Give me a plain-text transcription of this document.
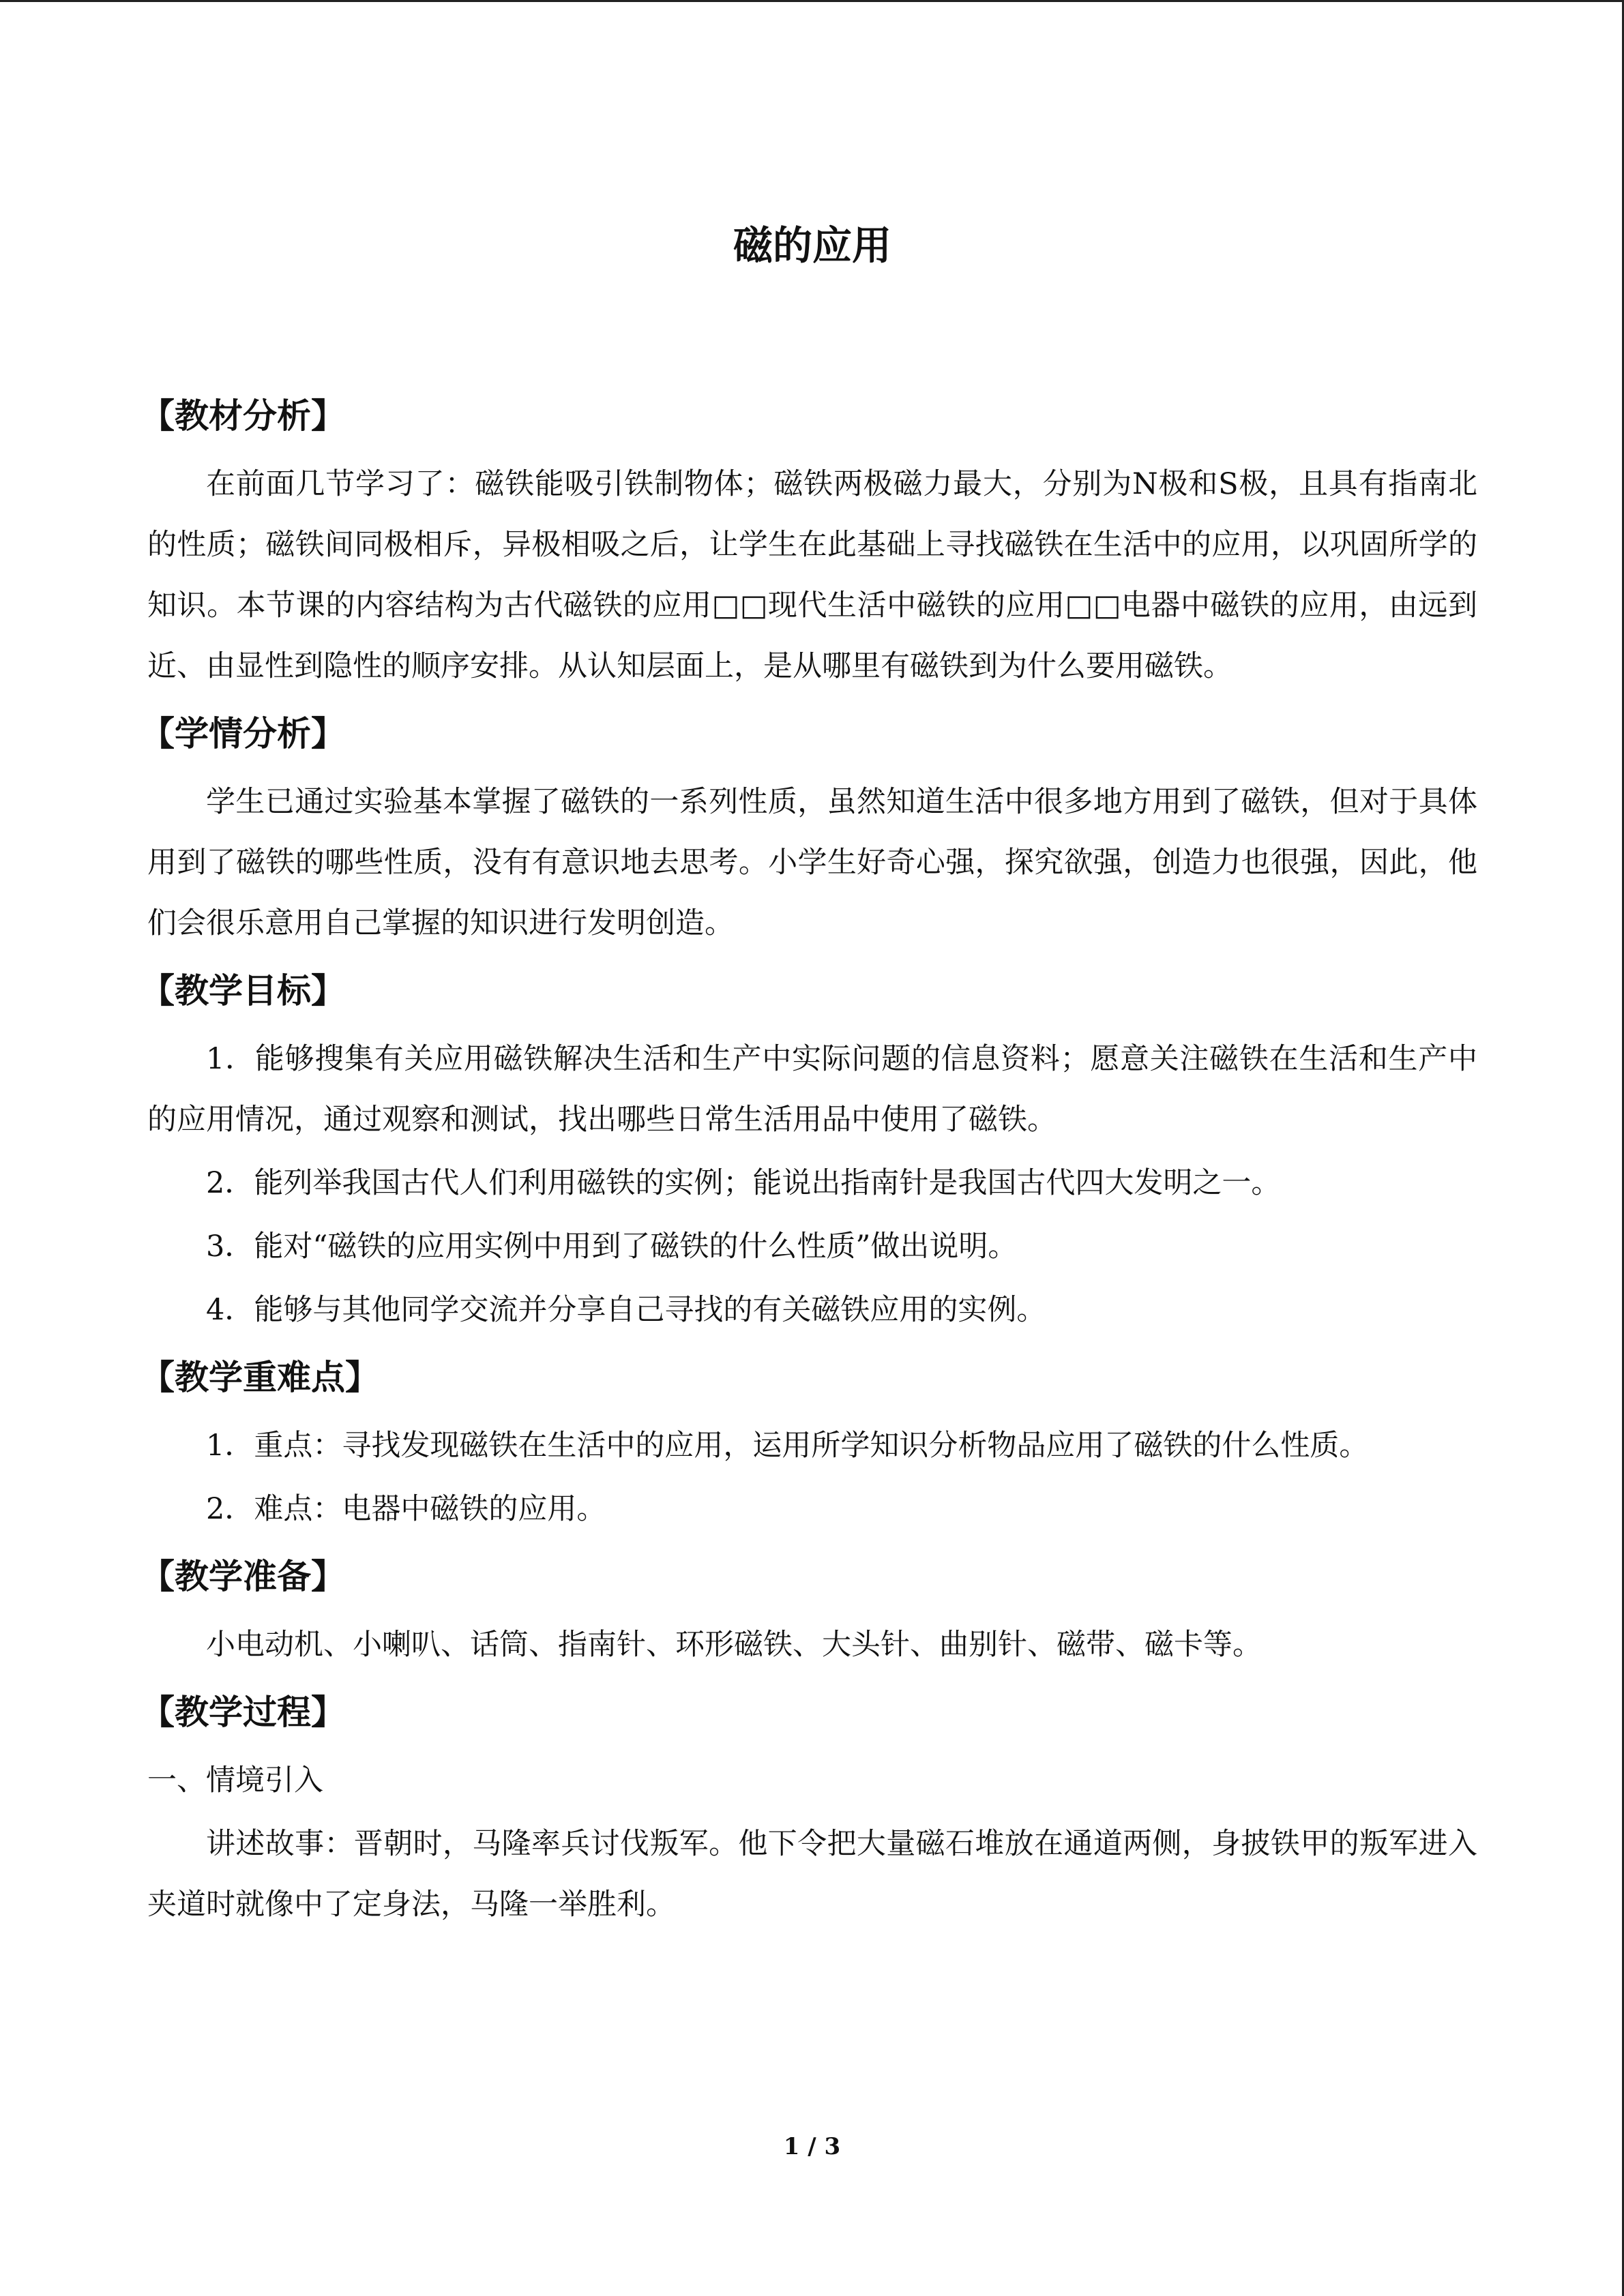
磁的应用
【教材分析】

在前面几节学习了：磁铁能吸引铁制物体；磁铁两极磁力最大，分别为N极和S极，且具有指南北的性质；磁铁间同极相斥，异极相吸之后，让学生在此基础上寻找磁铁在生活中的应用，以巩固所学的知识。本节课的内容结构为古代磁铁的应用□□现代生活中磁铁的应用□□电器中磁铁的应用，由远到近、由显性到隐性的顺序安排。从认知层面上，是从哪里有磁铁到为什么要用磁铁。

【学情分析】

学生已通过实验基本掌握了磁铁的一系列性质，虽然知道生活中很多地方用到了磁铁，但对于具体用到了磁铁的哪些性质，没有有意识地去思考。小学生好奇心强，探究欲强，创造力也很强，因此，他们会很乐意用自己掌握的知识进行发明创造。

【教学目标】

1．能够搜集有关应用磁铁解决生活和生产中实际问题的信息资料；愿意关注磁铁在生活和生产中的应用情况，通过观察和测试，找出哪些日常生活用品中使用了磁铁。

2．能列举我国古代人们利用磁铁的实例；能说出指南针是我国古代四大发明之一。

3．能对“磁铁的应用实例中用到了磁铁的什么性质”做出说明。

4．能够与其他同学交流并分享自己寻找的有关磁铁应用的实例。

【教学重难点】

1．重点：寻找发现磁铁在生活中的应用，运用所学知识分析物品应用了磁铁的什么性质。

2．难点：电器中磁铁的应用。

【教学准备】

小电动机、小喇叭、话筒、指南针、环形磁铁、大头针、曲别针、磁带、磁卡等。

【教学过程】

一、情境引入

讲述故事：晋朝时，马隆率兵讨伐叛军。他下令把大量磁石堆放在通道两侧，身披铁甲的叛军进入夹道时就像中了定身法，马隆一举胜利。

1 / 3
